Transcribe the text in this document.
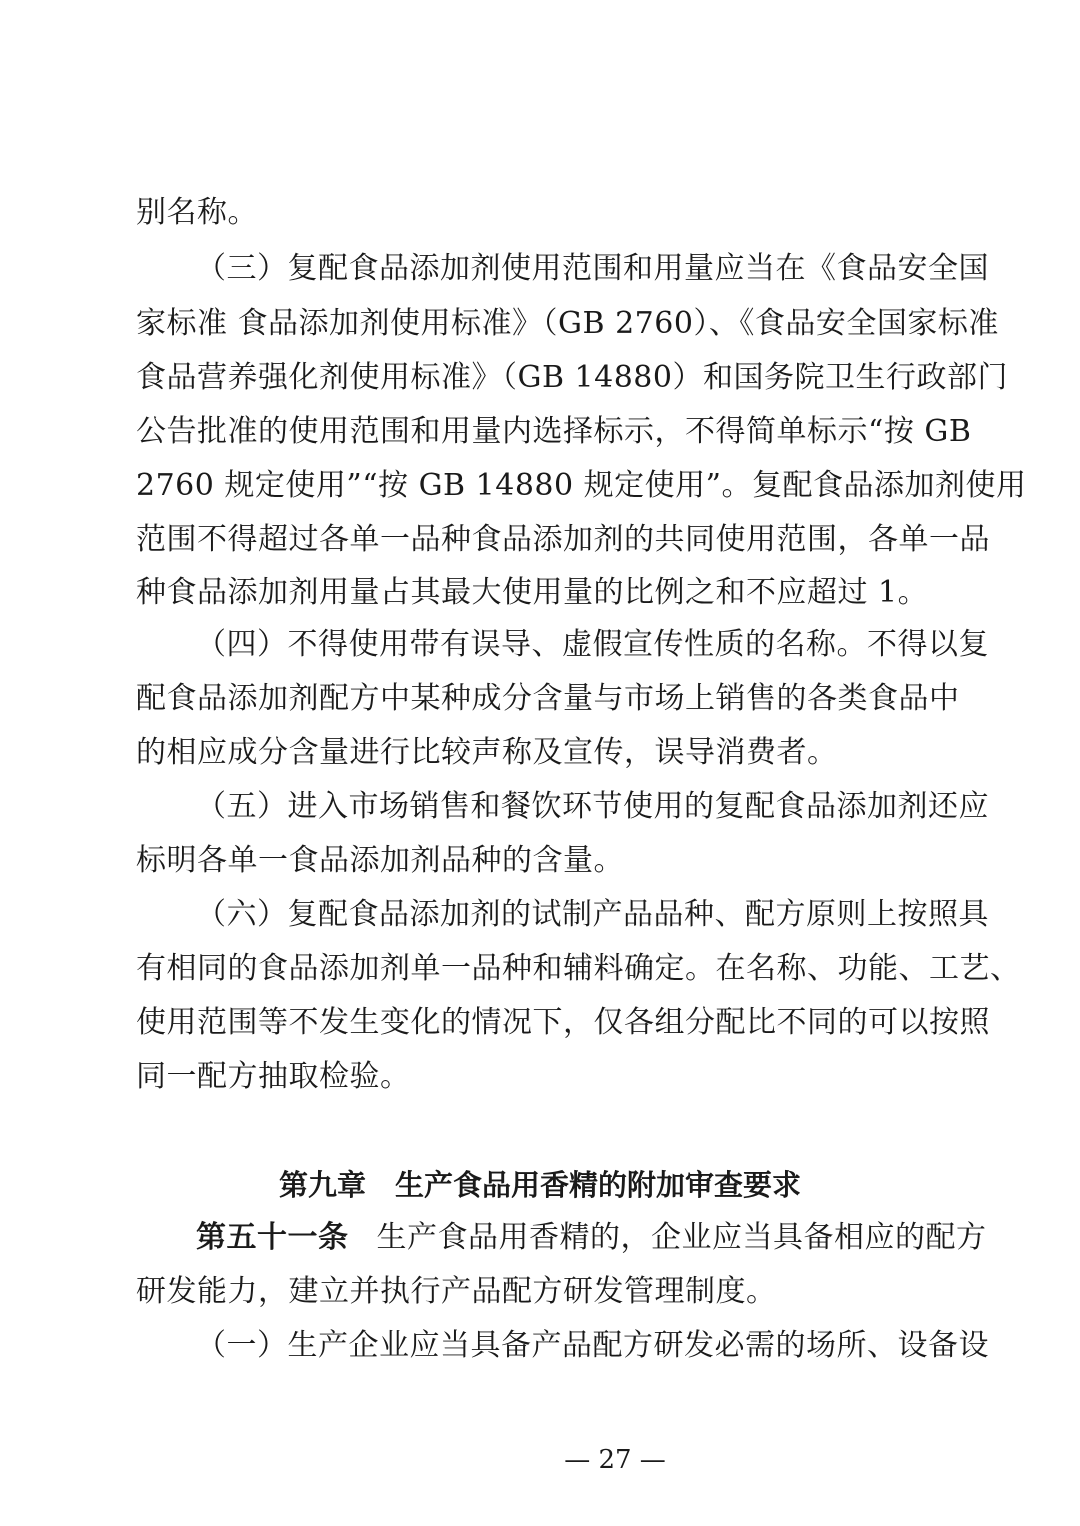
别名称。
（三）复配食品添加剂使用范围和用量应当在《食品安全国
家标准 食品添加剂使用标准》（GB 2760）、《食品安全国家标准
食品营养强化剂使用标准》（GB 14880）和国务院卫生行政部门
公告批准的使用范围和用量内选择标示，不得简单标示“按 GB
2760 规定使用”“按 GB 14880 规定使用”。复配食品添加剂使用
范围不得超过各单一品种食品添加剂的共同使用范围，各单一品
种食品添加剂用量占其最大使用量的比例之和不应超过 1。
（四）不得使用带有误导、虚假宣传性质的名称。不得以复
配食品添加剂配方中某种成分含量与市场上销售的各类食品中
的相应成分含量进行比较声称及宣传，误导消费者。
（五）进入市场销售和餐饮环节使用的复配食品添加剂还应
标明各单一食品添加剂品种的含量。
（六）复配食品添加剂的试制产品品种、配方原则上按照具
有相同的食品添加剂单一品种和辅料确定。在名称、功能、工艺、
使用范围等不发生变化的情况下，仅各组分配比不同的可以按照
同一配方抽取检验。
第九章　生产食品用香精的附加审查要求
第五十一条 生产食品用香精的，企业应当具备相应的配方
研发能力，建立并执行产品配方研发管理制度。
（一）生产企业应当具备产品配方研发必需的场所、设备设
— 27 —
